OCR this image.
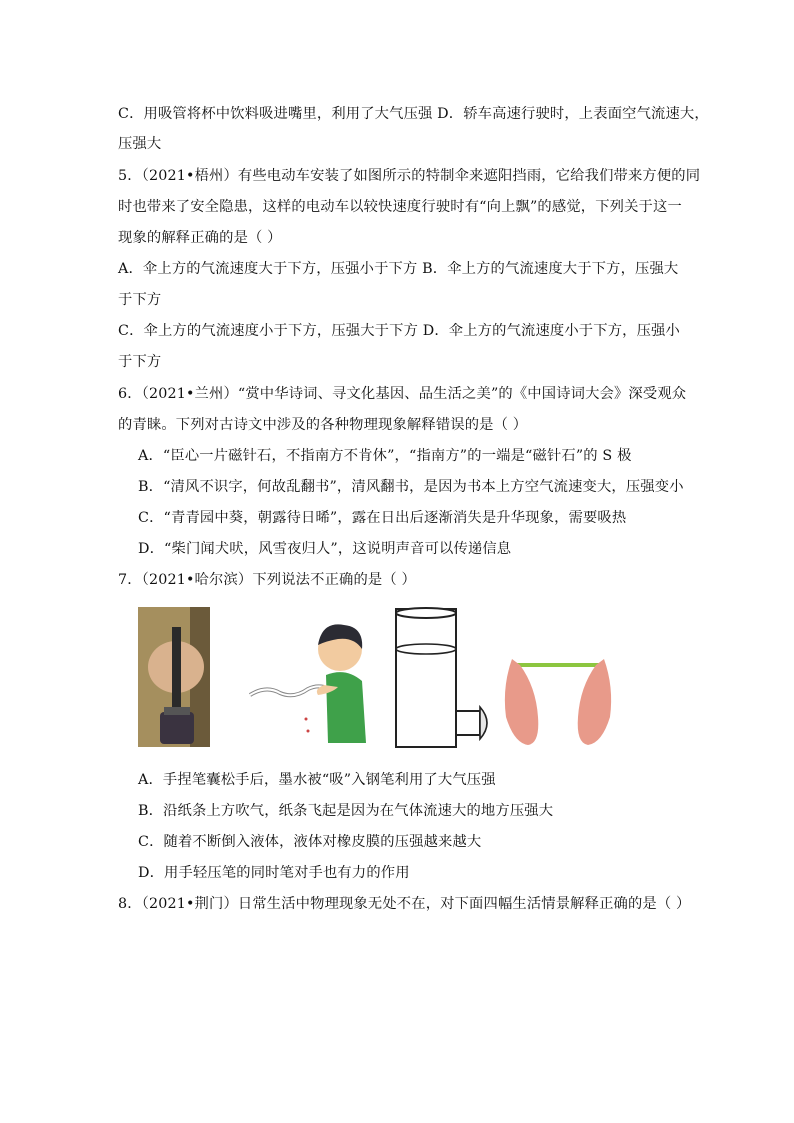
C．用吸管将杯中饮料吸进嘴里，利用了大气压强 D．轿车高速行驶时，上表面空气流速大，
压强大
5．（2021•梧州）有些电动车安装了如图所示的特制伞来遮阳挡雨，它给我们带来方便的同
时也带来了安全隐患，这样的电动车以较快速度行驶时有“向上飘”的感觉，下列关于这一
现象的解释正确的是（ ）
A．伞上方的气流速度大于下方，压强小于下方 B．伞上方的气流速度大于下方，压强大
于下方
C．伞上方的气流速度小于下方，压强大于下方 D．伞上方的气流速度小于下方，压强小
于下方
6．（2021•兰州）“赏中华诗词、寻文化基因、品生活之美”的《中国诗词大会》深受观众
的青睐。下列对古诗文中涉及的各种物理现象解释错误的是（ ）
A．“臣心一片磁针石，不指南方不肯休”，“指南方”的一端是“磁针石”的 S 极
B．“清风不识字，何故乱翻书”，清风翻书，是因为书本上方空气流速变大，压强变小
C．“青青园中葵，朝露待日晞”，露在日出后逐渐消失是升华现象，需要吸热
D．“柴门闻犬吠，风雪夜归人”，这说明声音可以传递信息
7．（2021•哈尔滨）下列说法不正确的是（ ）
A．手捏笔囊松手后，墨水被“吸”入钢笔利用了大气压强
B．沿纸条上方吹气，纸条飞起是因为在气体流速大的地方压强大
C．随着不断倒入液体，液体对橡皮膜的压强越来越大
D．用手轻压笔的同时笔对手也有力的作用
8．（2021•荆门）日常生活中物理现象无处不在，对下面四幅生活情景解释正确的是（ ）
